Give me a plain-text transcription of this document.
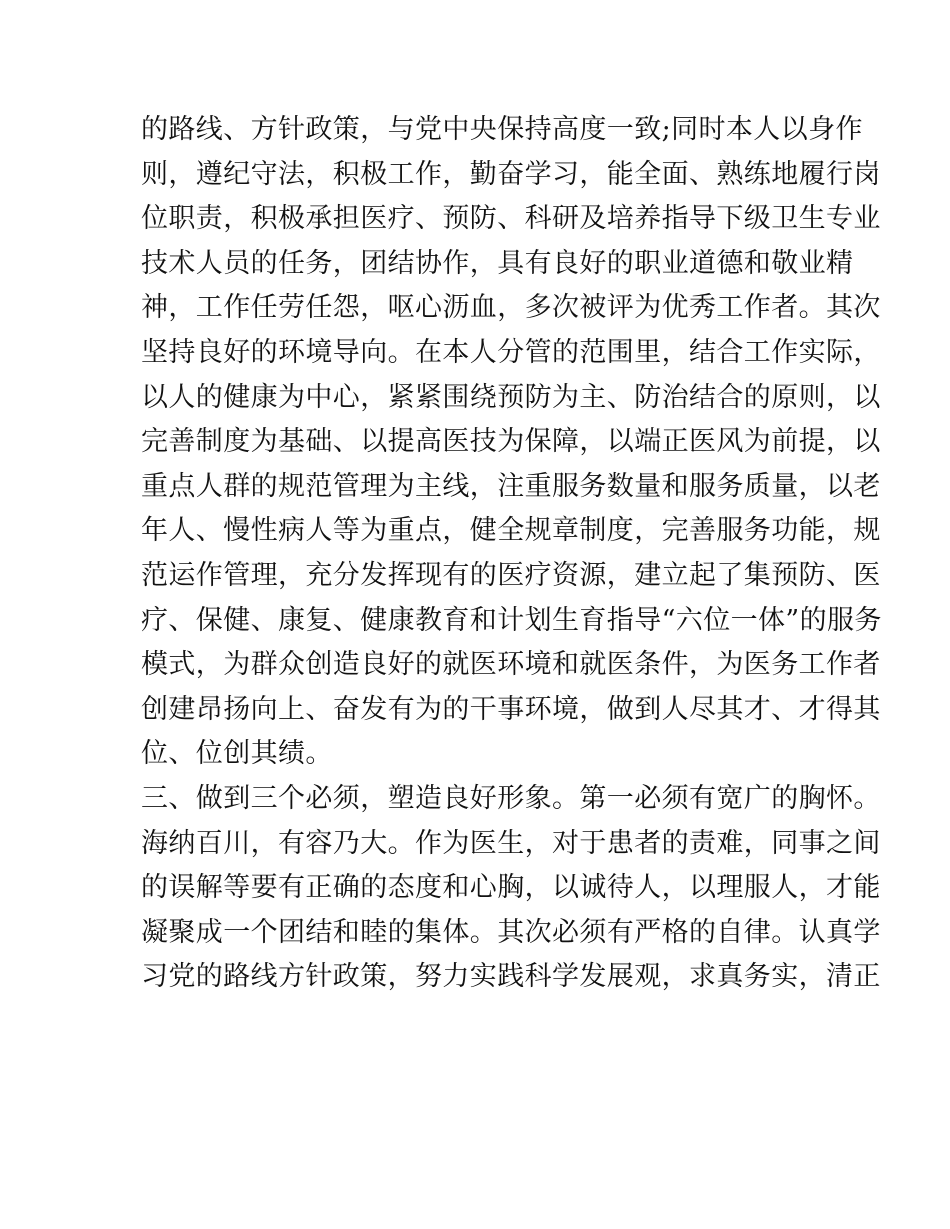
的路线、方针政策，与党中央保持高度一致;同时本人以身作
则，遵纪守法，积极工作，勤奋学习，能全面、熟练地履行岗
位职责，积极承担医疗、预防、科研及培养指导下级卫生专业
技术人员的任务，团结协作，具有良好的职业道德和敬业精
神，工作任劳任怨，呕心沥血，多次被评为优秀工作者。其次
坚持良好的环境导向。在本人分管的范围里，结合工作实际，
以人的健康为中心，紧紧围绕预防为主、防治结合的原则，以
完善制度为基础、以提高医技为保障，以端正医风为前提，以
重点人群的规范管理为主线，注重服务数量和服务质量，以老
年人、慢性病人等为重点，健全规章制度，完善服务功能，规
范运作管理，充分发挥现有的医疗资源，建立起了集预防、医
疗、保健、康复、健康教育和计划生育指导“六位一体”的服务
模式，为群众创造良好的就医环境和就医条件，为医务工作者
创建昂扬向上、奋发有为的干事环境，做到人尽其才、才得其
位、位创其绩。
三、做到三个必须，塑造良好形象。第一必须有宽广的胸怀。
海纳百川，有容乃大。作为医生，对于患者的责难，同事之间
的误解等要有正确的态度和心胸，以诚待人，以理服人，才能
凝聚成一个团结和睦的集体。其次必须有严格的自律。认真学
习党的路线方针政策，努力实践科学发展观，求真务实，清正
